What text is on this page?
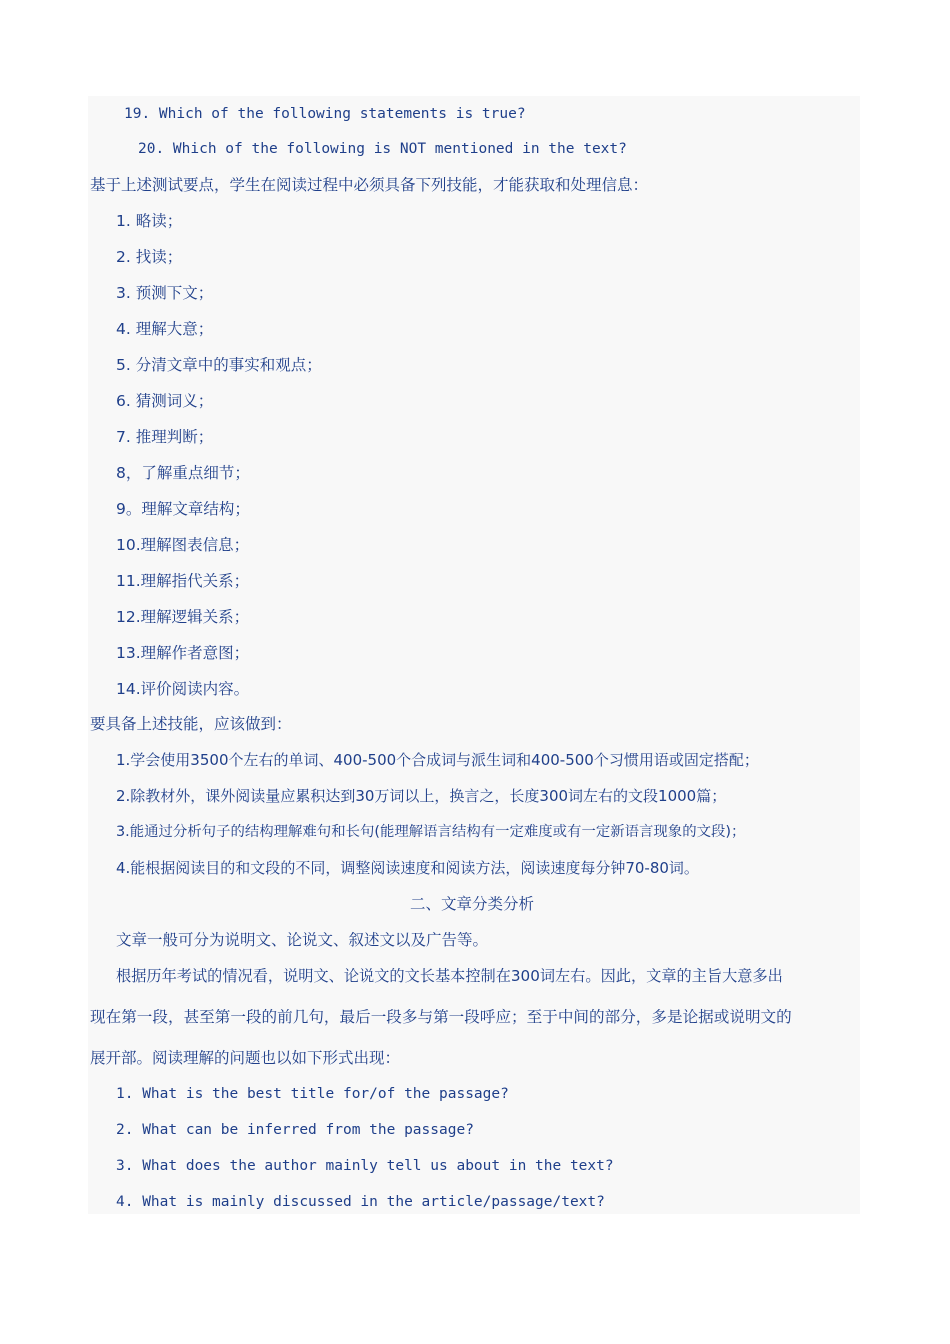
19. Which of the following statements is true?
20. Which of the following is NOT mentioned in the text?
基于上述测试要点，学生在阅读过程中必须具备下列技能，才能获取和处理信息：
1. 略读；
2. 找读；
3. 预测下文；
4. 理解大意；
5. 分清文章中的事实和观点；
6. 猜测词义；
7. 推理判断；
8，了解重点细节；
9。理解文章结构；
10.理解图表信息；
11.理解指代关系；
12.理解逻辑关系；
13.理解作者意图；
14.评价阅读内容。
要具备上述技能，应该做到：
1.学会使用3500个左右的单词、400-500个合成词与派生词和400-500个习惯用语或固定搭配；
2.除教材外，课外阅读量应累积达到30万词以上，换言之，长度300词左右的文段1000篇；
3.能通过分析句子的结构理解难句和长句(能理解语言结构有一定难度或有一定新语言现象的文段)；
4.能根据阅读目的和文段的不同，调整阅读速度和阅读方法，阅读速度每分钟70-80词。
二、文章分类分析
文章一般可分为说明文、论说文、叙述文以及广告等。
根据历年考试的情况看，说明文、论说文的文长基本控制在300词左右。因此，文章的主旨大意多出
现在第一段，甚至第一段的前几句，最后一段多与第一段呼应；至于中间的部分，多是论据或说明文的
展开部。阅读理解的问题也以如下形式出现：
1. What is the best title for/of the passage?
2. What can be inferred from the passage?
3. What does the author mainly tell us about in the text?
4. What is mainly discussed in the article/passage/text?
